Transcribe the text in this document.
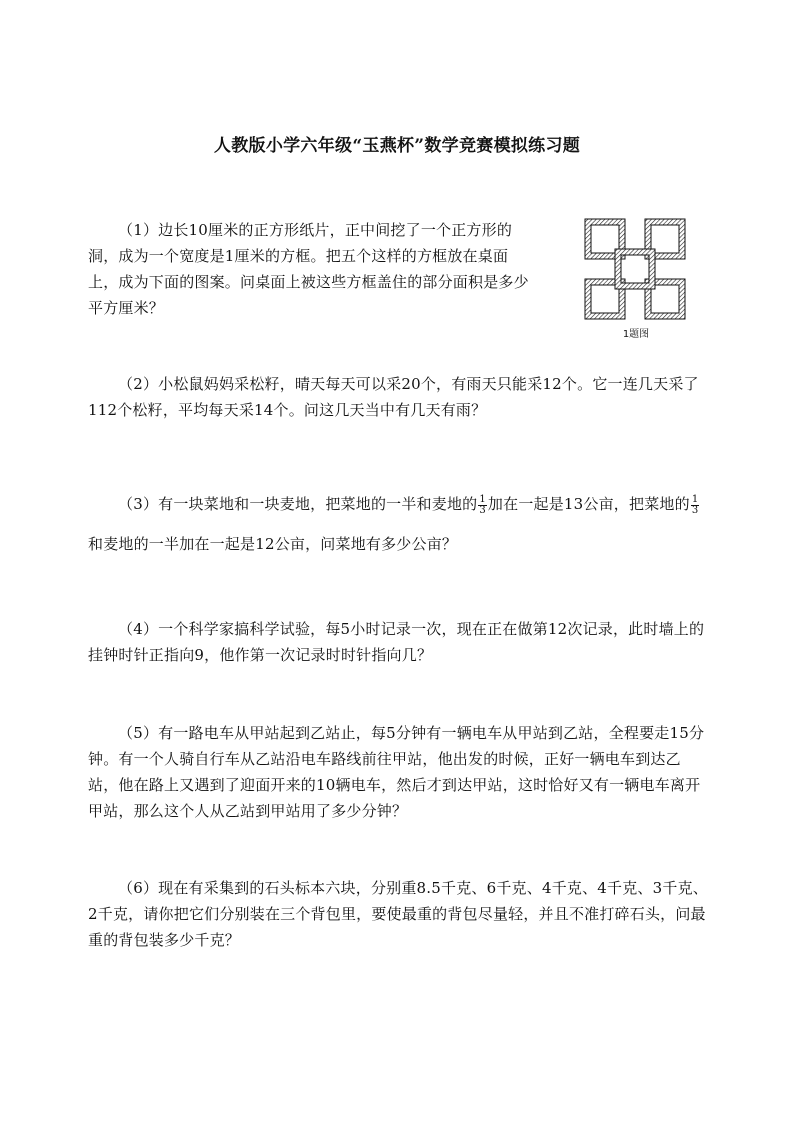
人教版小学六年级“玉燕杯”数学竞赛模拟练习题

（1）边长10厘米的正方形纸片，正中间挖了一个正方形的洞，成为一个宽度是1厘米的方框。把五个这样的方框放在桌面上，成为下面的图案。问桌面上被这些方框盖住的部分面积是多少平方厘米？

1题图

（2）小松鼠妈妈采松籽，晴天每天可以采20个，有雨天只能采12个。它一连几天采了112个松籽，平均每天采14个。问这几天当中有几天有雨？

（3）有一块菜地和一块麦地，把菜地的一半和麦地的 $\frac{1}{3}$ 加在一起是13公亩，把菜地的 $\frac{1}{3}$
和麦地的一半加在一起是12公亩，问菜地有多少公亩？

（4）一个科学家搞科学试验，每5小时记录一次，现在正在做第12次记录，此时墙上的挂钟时针正指向9，他作第一次记录时时针指向几？

（5）有一路电车从甲站起到乙站止，每5分钟有一辆电车从甲站到乙站，全程要走15分钟。有一个人骑自行车从乙站沿电车路线前往甲站，他出发的时候，正好一辆电车到达乙站，他在路上又遇到了迎面开来的10辆电车，然后才到达甲站，这时恰好又有一辆电车离开甲站，那么这个人从乙站到甲站用了多少分钟？

（6）现在有采集到的石头标本六块，分别重8.5千克、6千克、4千克、4千克、3千克、2千克，请你把它们分别装在三个背包里，要使最重的背包尽量轻，并且不准打碎石头，问最重的背包装多少千克？
